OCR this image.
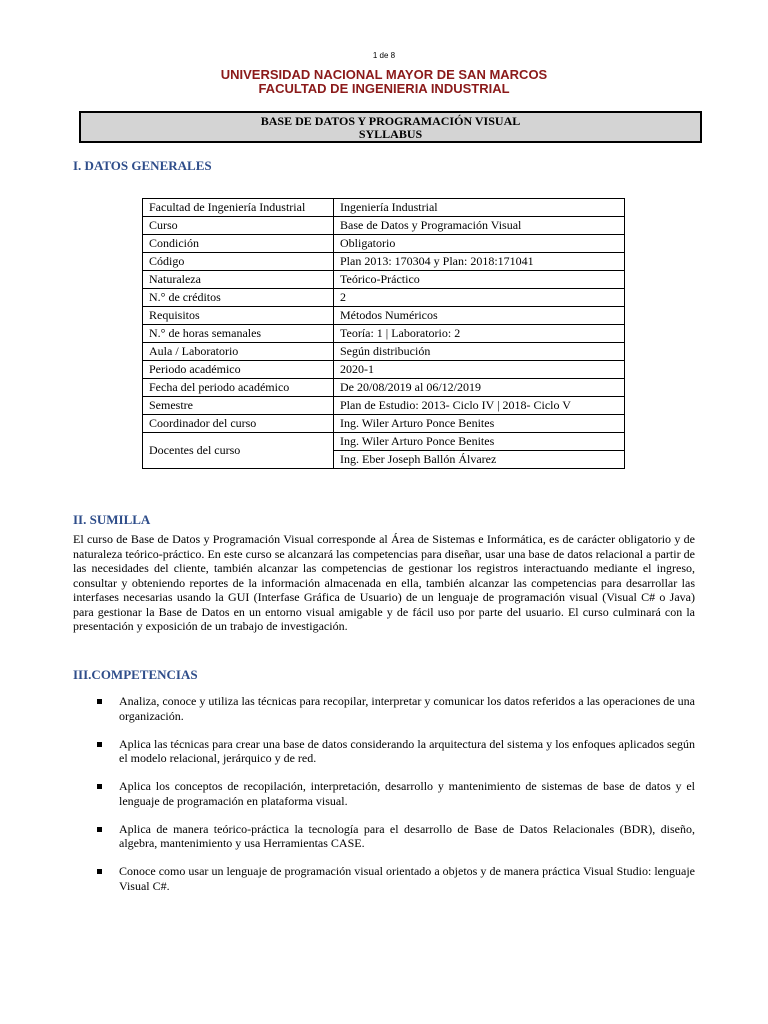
1 de 8
UNIVERSIDAD NACIONAL MAYOR DE SAN MARCOS
FACULTAD DE INGENIERIA INDUSTRIAL
BASE DE DATOS Y PROGRAMACIÓN VISUAL
SYLLABUS
I. DATOS GENERALES
Facultad de Ingeniería Industrial	Ingeniería Industrial
Curso	Base de Datos y Programación Visual
Condición	Obligatorio
Código	Plan 2013: 170304 y Plan: 2018:171041
Naturaleza	Teórico-Práctico
N.° de créditos	2
Requisitos	Métodos Numéricos
N.° de horas semanales	Teoría: 1 | Laboratorio: 2
Aula / Laboratorio	Según distribución
Periodo académico	2020-1
Fecha del periodo académico	De 20/08/2019 al 06/12/2019
Semestre	Plan de Estudio: 2013- Ciclo IV | 2018- Ciclo V
Coordinador del curso	Ing. Wiler Arturo Ponce Benites
Docentes del curso	Ing. Wiler Arturo Ponce Benites
	Ing. Eber Joseph Ballón Álvarez
II. SUMILLA
El curso de Base de Datos y Programación Visual corresponde al Área de Sistemas e Informática, es de carácter obligatorio y de naturaleza teórico-práctico. En este curso se alcanzará las competencias para diseñar, usar una base de datos relacional a partir de las necesidades del cliente, también alcanzar las competencias de gestionar los registros interactuando mediante el ingreso, consultar y obteniendo reportes de la información almacenada en ella, también alcanzar las competencias para desarrollar las interfases necesarias usando la GUI (Interfase Gráfica de Usuario) de un lenguaje de programación visual (Visual C# o Java) para gestionar la Base de Datos en un entorno visual amigable y de fácil uso por parte del usuario. El curso culminará con la presentación y exposición de un trabajo de investigación.
III.COMPETENCIAS
Analiza, conoce y utiliza las técnicas para recopilar, interpretar y comunicar los datos referidos a las operaciones de una organización.
Aplica las técnicas para crear una base de datos considerando la arquitectura del sistema y los enfoques aplicados según el modelo relacional, jerárquico y de red.
Aplica los conceptos de recopilación, interpretación, desarrollo y mantenimiento de sistemas de base de datos y el lenguaje de programación en plataforma visual.
Aplica de manera teórico-práctica la tecnología para el desarrollo de Base de Datos Relacionales (BDR), diseño, algebra, mantenimiento y usa Herramientas CASE.
Conoce como usar un lenguaje de programación visual orientado a objetos y de manera práctica Visual Studio: lenguaje Visual C#.
